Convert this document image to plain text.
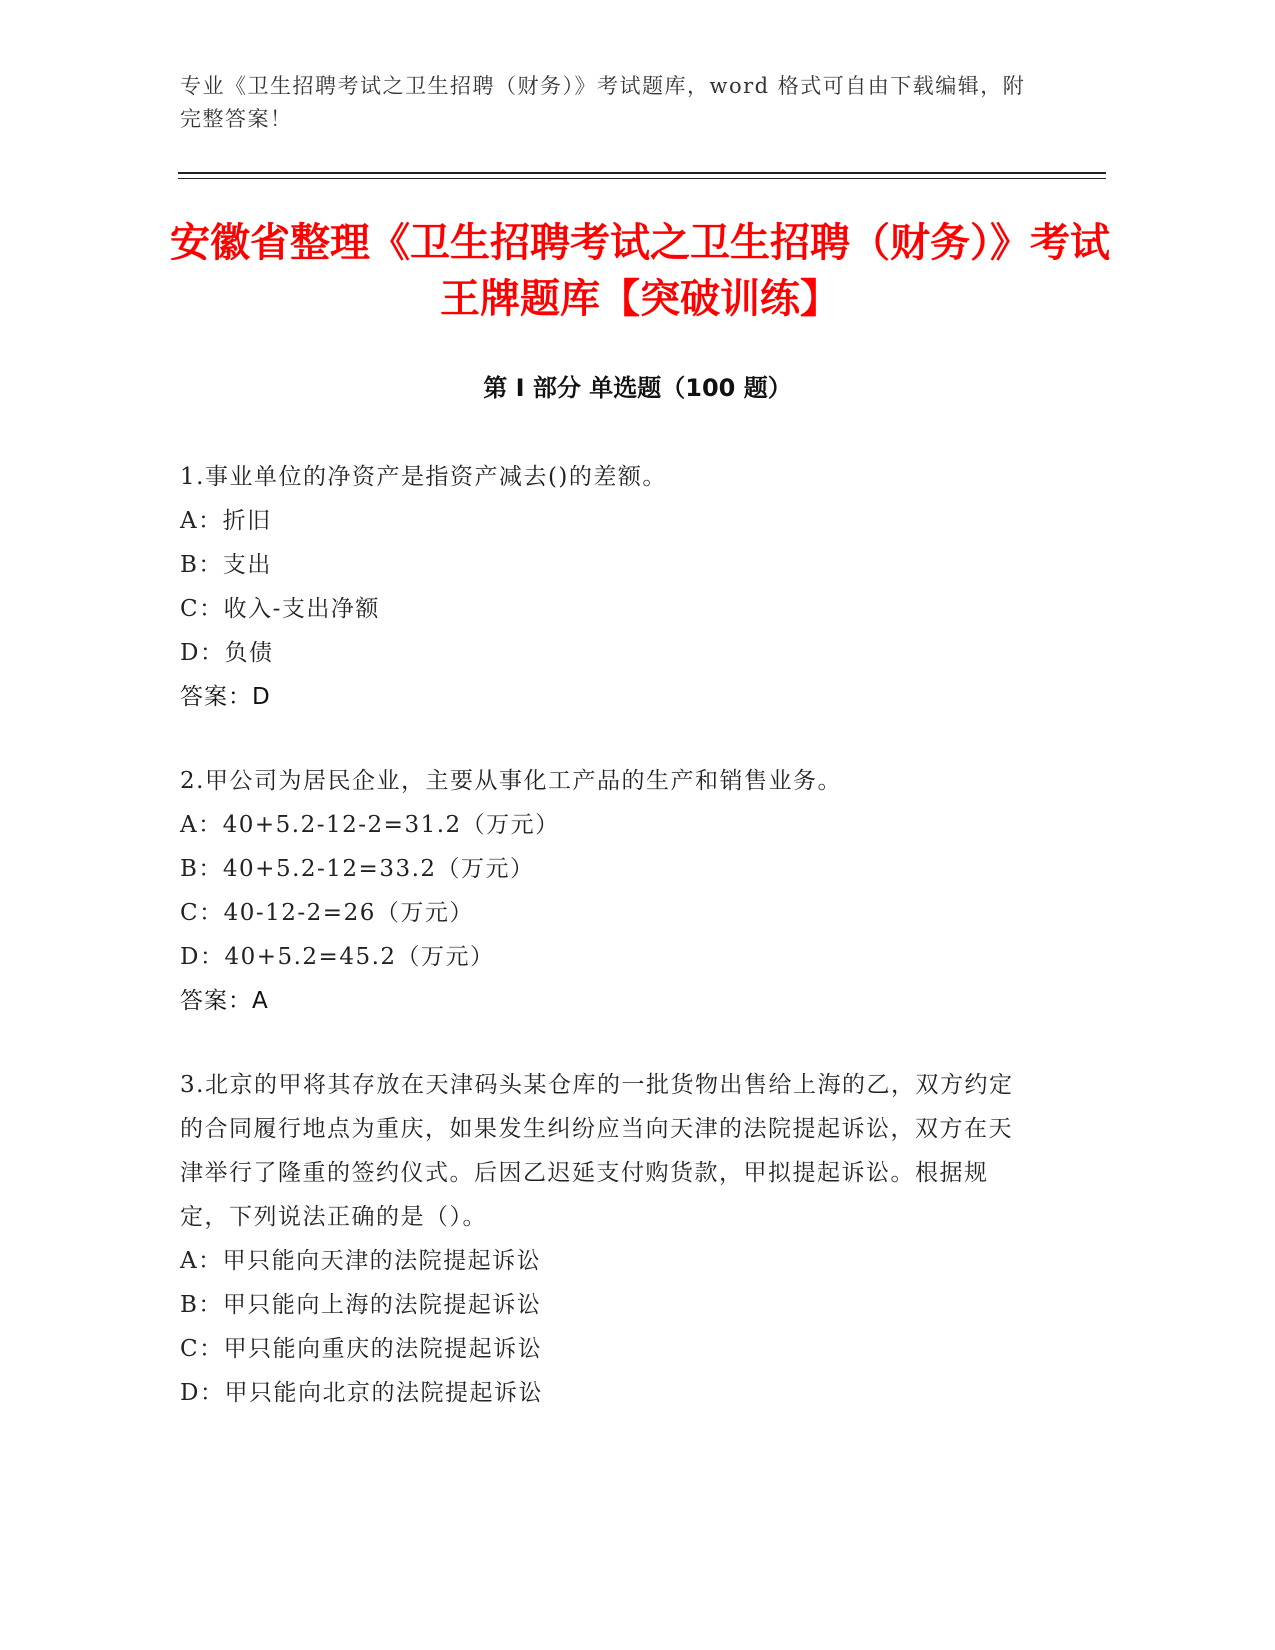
专业《卫生招聘考试之卫生招聘（财务）》考试题库，word 格式可自由下载编辑，附完整答案！
安徽省整理《卫生招聘考试之卫生招聘（财务）》考试王牌题库【突破训练】
第 I 部分 单选题（100 题）
1.事业单位的净资产是指资产减去()的差额。
A：折旧
B：支出
C：收入-支出净额
D：负债
答案：D
2.甲公司为居民企业，主要从事化工产品的生产和销售业务。
A：40+5.2-12-2=31.2（万元）
B：40+5.2-12=33.2（万元）
C：40-12-2=26（万元）
D：40+5.2=45.2（万元）
答案：A
3.北京的甲将其存放在天津码头某仓库的一批货物出售给上海的乙，双方约定的合同履行地点为重庆，如果发生纠纷应当向天津的法院提起诉讼，双方在天津举行了隆重的签约仪式。后因乙迟延支付购货款，甲拟提起诉讼。根据规定，下列说法正确的是（）。
A：甲只能向天津的法院提起诉讼
B：甲只能向上海的法院提起诉讼
C：甲只能向重庆的法院提起诉讼
D：甲只能向北京的法院提起诉讼
